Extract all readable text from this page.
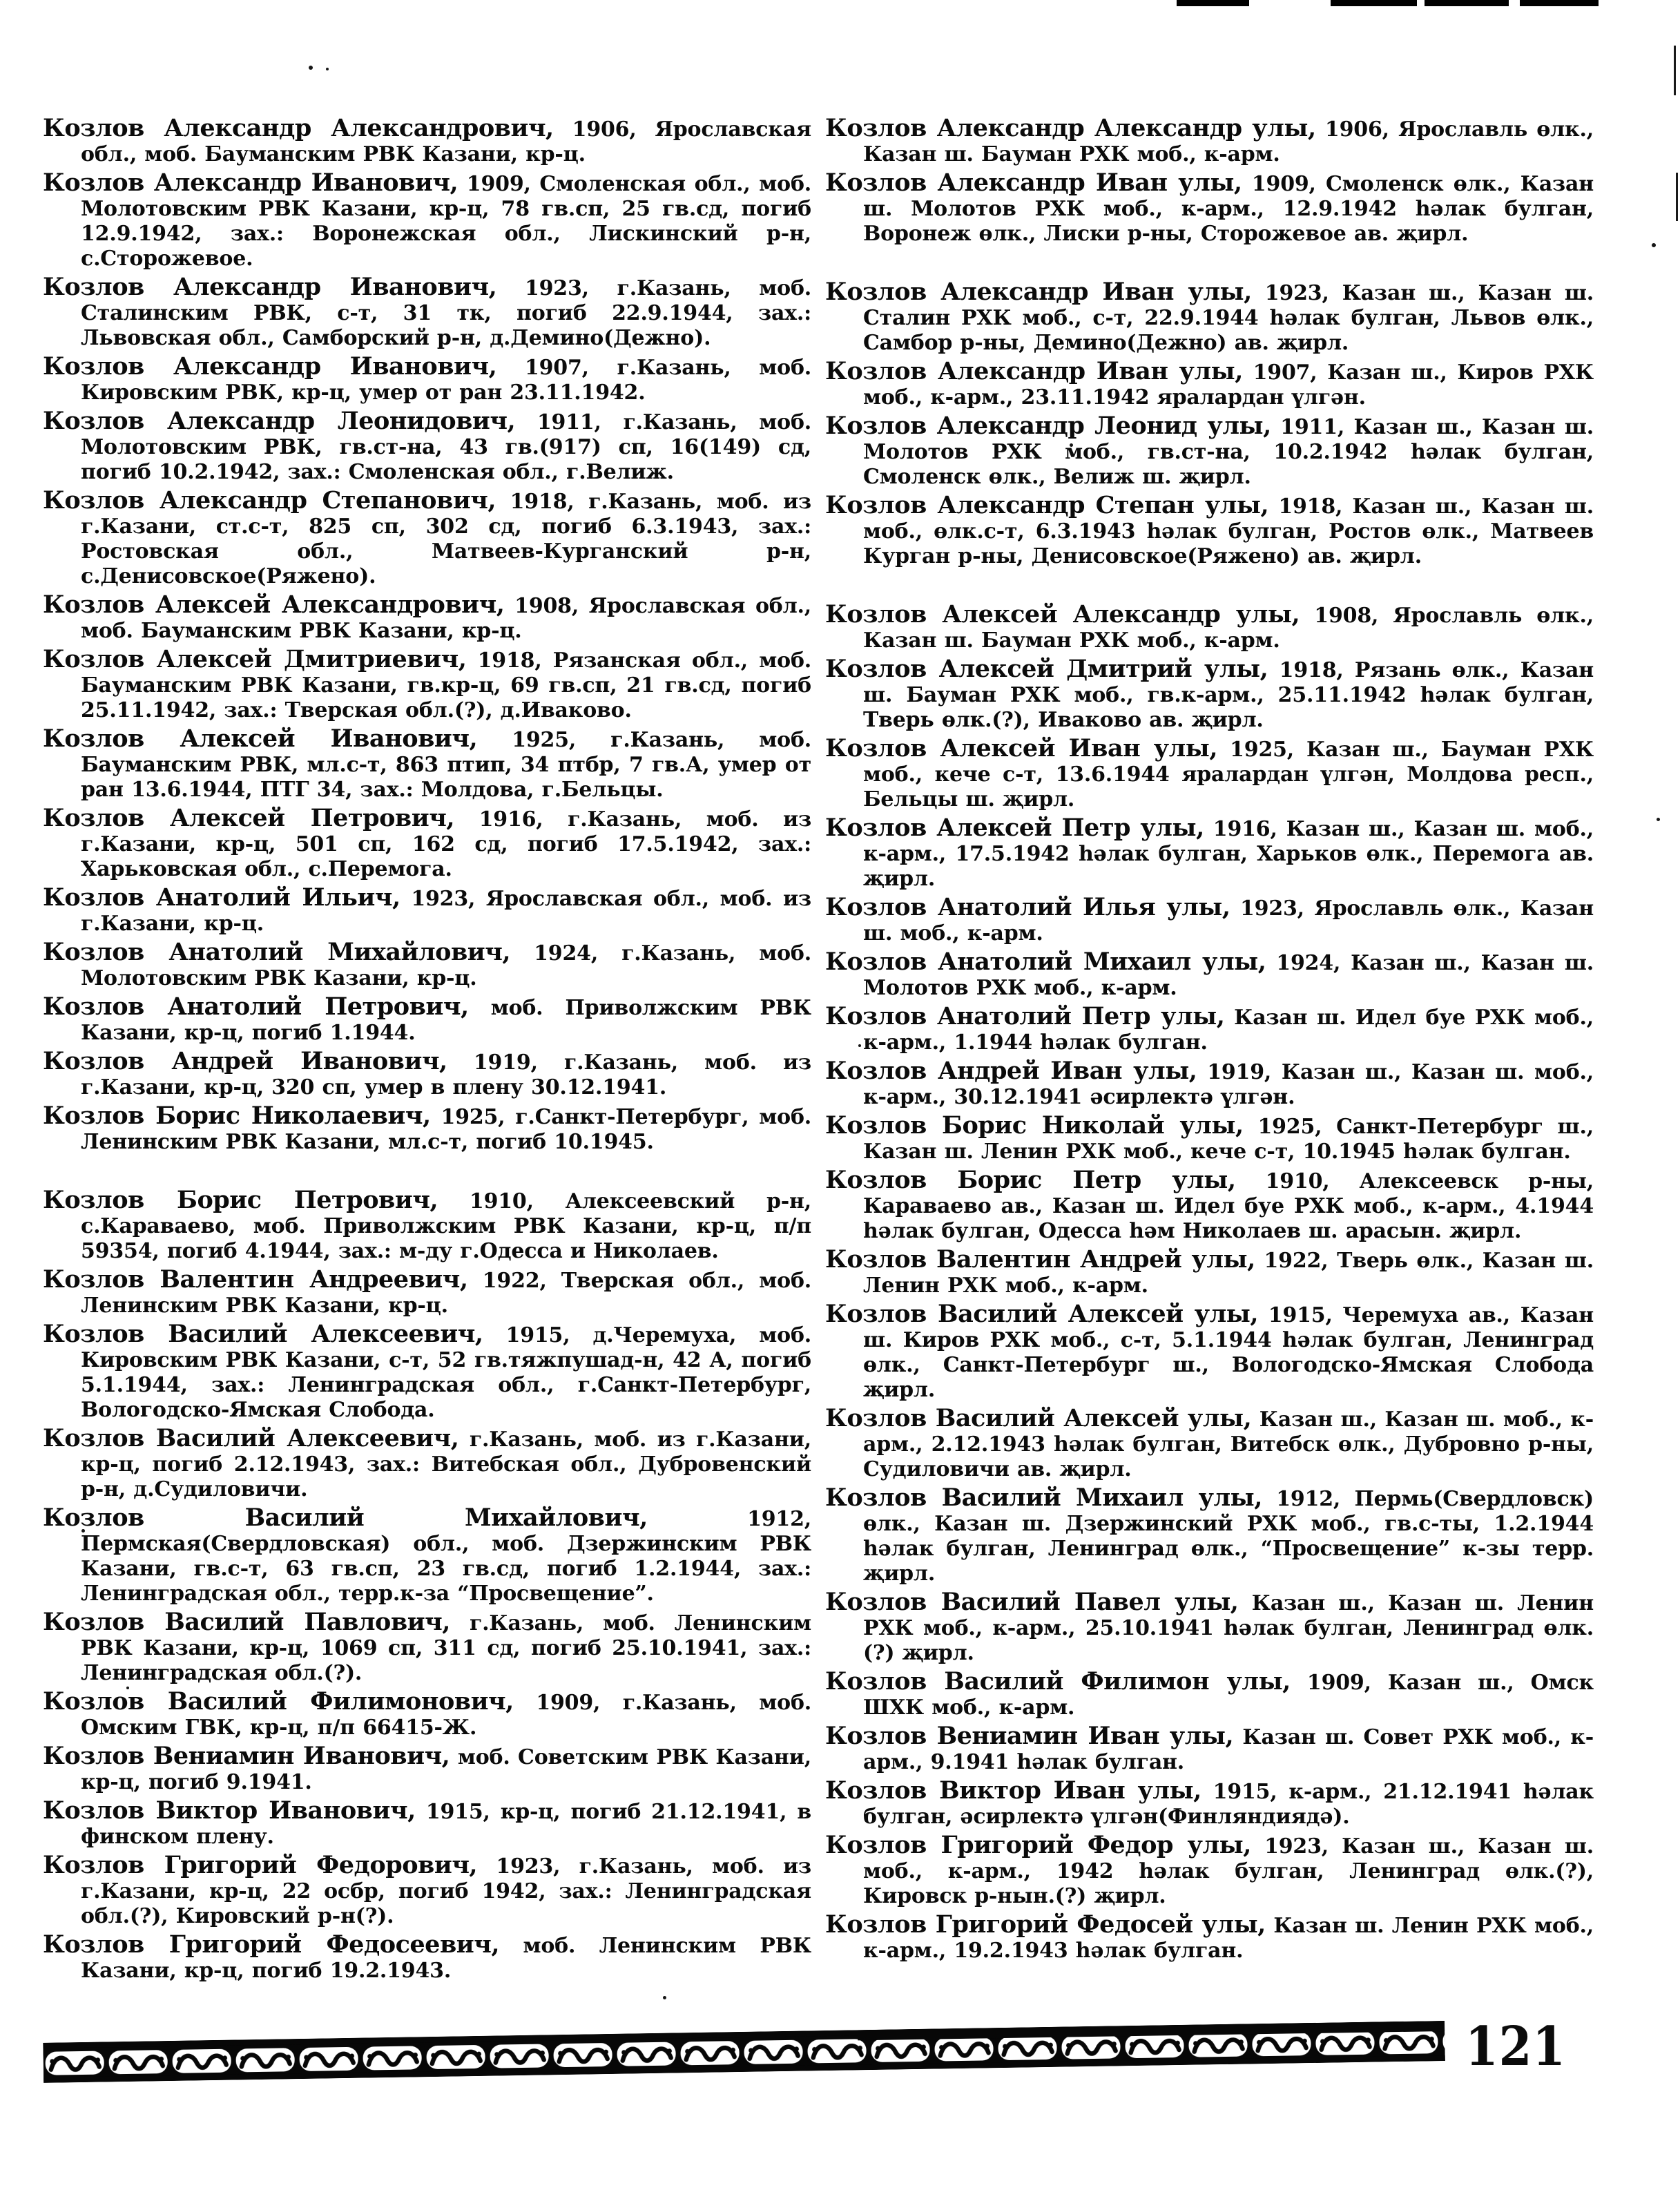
Козлов Александр Александрович, 1906, Ярославская обл., моб. Бауманским РВК Казани, кр-ц.

Козлов Александр Иванович, 1909, Смоленская обл., моб. Молотовским РВК Казани, кр-ц, 78 гв.сп, 25 гв.сд, погиб 12.9.1942, зах.: Воронежская обл., Лискинский р-н, с.Сторожевое.

Козлов Александр Иванович, 1923, г.Казань, моб. Сталинским РВК, с-т, 31 тк, погиб 22.9.1944, зах.: Львовская обл., Самборский р-н, д.Демино(Дежно).

Козлов Александр Иванович, 1907, г.Казань, моб. Кировским РВК, кр-ц, умер от ран 23.11.1942.

Козлов Александр Леонидович, 1911, г.Казань, моб. Молотовским РВК, гв.ст-на, 43 гв.(917) сп, 16(149) сд, погиб 10.2.1942, зах.: Смоленская обл., г.Велиж.

Козлов Александр Степанович, 1918, г.Казань, моб. из г.Казани, ст.с-т, 825 сп, 302 сд, погиб 6.3.1943, зах.: Ростовская обл., Матвеев-Курганский р-н, с.Денисовское(Ряжено).

Козлов Алексей Александрович, 1908, Ярославская обл., моб. Бауманским РВК Казани, кр-ц.

Козлов Алексей Дмитриевич, 1918, Рязанская обл., моб. Бауманским РВК Казани, гв.кр-ц, 69 гв.сп, 21 гв.сд, погиб 25.11.1942, зах.: Тверская обл.(?), д.Иваково.

Козлов Алексей Иванович, 1925, г.Казань, моб. Бауманским РВК, мл.с-т, 863 птип, 34 птбр, 7 гв.А, умер от ран 13.6.1944, ПТГ 34, зах.: Молдова, г.Бельцы.

Козлов Алексей Петрович, 1916, г.Казань, моб. из г.Казани, кр-ц, 501 сп, 162 сд, погиб 17.5.1942, зах.: Харьковская обл., с.Перемога.

Козлов Анатолий Ильич, 1923, Ярославская обл., моб. из г.Казани, кр-ц.

Козлов Анатолий Михайлович, 1924, г.Казань, моб. Молотовским РВК Казани, кр-ц.

Козлов Анатолий Петрович, моб. Приволжским РВК Казани, кр-ц, погиб 1.1944.

Козлов Андрей Иванович, 1919, г.Казань, моб. из г.Казани, кр-ц, 320 сп, умер в плену 30.12.1941.

Козлов Борис Николаевич, 1925, г.Санкт-Петербург, моб. Ленинским РВК Казани, мл.с-т, погиб 10.1945.

Козлов Борис Петрович, 1910, Алексеевский р-н, с.Караваево, моб. Приволжским РВК Казани, кр-ц, п/п 59354, погиб 4.1944, зах.: м-ду г.Одесса и Николаев.

Козлов Валентин Андреевич, 1922, Тверская обл., моб. Ленинским РВК Казани, кр-ц.

Козлов Василий Алексеевич, 1915, д.Черемуха, моб. Кировским РВК Казани, с-т, 52 гв.тяжпушад-н, 42 А, погиб 5.1.1944, зах.: Ленинградская обл., г.Санкт-Петербург, Вологодско-Ямская Слобода.

Козлов Василий Алексеевич, г.Казань, моб. из г.Казани, кр-ц, погиб 2.12.1943, зах.: Витебская обл., Дубровенский р-н, д.Судиловичи.

Козлов Василий Михайлович,	1912, Пермская(Свердловская) обл., моб. Дзержинским РВК Казани, гв.с-т, 63 гв.сп, 23 гв.сд, погиб 1.2.1944, зах.: Ленинградская обл., терр.к-за “Просвещение”.

Козлов Василий Павлович, г.Казань, моб. Ленинским РВК Казани, кр-ц, 1069 сп, 311 сд, погиб 25.10.1941, зах.: Ленинградская обл.(?).

Козлов Василий Филимонович, 1909, г.Казань, моб. Омским ГВК, кр-ц, п/п 66415-Ж.

Козлов Вениамин Иванович, моб. Советским РВК Казани, кр-ц, погиб 9.1941.

Козлов Виктор Иванович, 1915, кр-ц, погиб 21.12.1941, в финском плену.

Козлов Григорий Федорович, 1923, г.Казань, моб. из г.Казани, кр-ц, 22 осбр, погиб 1942, зах.: Ленинградская обл.(?), Кировский р-н(?).

Козлов Григорий Федосеевич, моб. Ленинским РВК Казани, кр-ц, погиб 19.2.1943.

Козлов Александр Александр улы, 1906, Ярославль өлк., Казан ш. Бауман РХК моб., к-арм.

Козлов Александр Иван улы, 1909, Смоленск өлк., Казан ш. Молотов РХК моб., к-арм., 12.9.1942 һәлак булган, Воронеж өлк., Лиски р-ны, Сторожевое ав. җирл.

Козлов Александр Иван улы, 1923, Казан ш., Казан ш. Сталин РХК моб., с-т, 22.9.1944 һәлак булган, Львов өлк., Самбор р-ны, Демино(Дежно) ав. җирл.

Козлов Александр Иван улы, 1907, Казан ш., Киров РХК моб., к-арм., 23.11.1942 яралардан үлгән.

Козлов Александр Леонид улы, 1911, Казан ш., Казан ш. Молотов РХК моб., гв.ст-на, 10.2.1942 һәлак булган, Смоленск өлк., Велиж ш. җирл.

Козлов Александр Степан улы, 1918, Казан ш., Казан ш. моб., өлк.с-т, 6.3.1943 һәлак булган, Ростов өлк., Матвеев Курган р-ны, Денисовское(Ряжено) ав. җирл.

Козлов Алексей Александр улы, 1908, Ярославль өлк., Казан ш. Бауман РХК моб., к-арм.

Козлов Алексей Дмитрий улы, 1918, Рязань өлк., Казан ш. Бауман РХК моб., гв.к-арм., 25.11.1942 һәлак булган, Тверь өлк.(?), Иваково ав. җирл.

Козлов Алексей Иван улы, 1925, Казан ш., Бауман РХК моб., кече с-т, 13.6.1944 яралардан үлгән, Молдова респ., Бельцы ш. җирл.

Козлов Алексей Петр улы, 1916, Казан ш., Казан ш. моб., к-арм., 17.5.1942 һәлак булган, Харьков өлк., Перемога ав. җирл.

Козлов Анатолий Илья улы, 1923, Ярославль өлк., Казан ш. моб., к-арм.

Козлов Анатолий Михаил улы, 1924, Казан ш., Казан ш. Молотов РХК моб., к-арм.

Козлов Анатолий Петр улы, Казан ш. Идел буе РХК моб., к-арм., 1.1944 һәлак булган.

Козлов Андрей Иван улы, 1919, Казан ш., Казан ш. моб., к-арм., 30.12.1941 әсирлектә үлгән.

Козлов Борис Николай улы, 1925, Санкт-Петербург ш., Казан ш. Ленин РХК моб., кече с-т, 10.1945 һәлак булган.

Козлов Борис Петр улы, 1910, Алексеевск р-ны, Караваево ав., Казан ш. Идел буе РХК моб., к-арм., 4.1944 һәлак булган, Одесса һәм Николаев ш. арасын. җирл.

Козлов Валентин Андрей улы, 1922, Тверь өлк., Казан ш. Ленин РХК моб., к-арм.

Козлов Василий Алексей улы, 1915, Черемуха ав., Казан ш. Киров РХК моб., с-т, 5.1.1944 һәлак булган, Ленинград өлк., Санкт-Петербург ш., Вологодско-Ямская Слобода җирл.

Козлов Василий Алексей улы, Казан ш., Казан ш. моб., к-арм., 2.12.1943 һәлак булган, Витебск өлк., Дубровно р-ны, Судиловичи ав. җирл.

Козлов Василий Михаил улы, 1912, Пермь(Свердловск) өлк., Казан ш. Дзержинский РХК моб., гв.с-ты, 1.2.1944 һәлак булган, Ленинград өлк., “Просвещение” к-зы терр. җирл.

Козлов Василий Павел улы, Казан ш., Казан ш. Ленин РХК моб., к-арм., 25.10.1941 һәлак булган, Ленинград өлк.(?) җирл.

Козлов Василий Филимон улы, 1909, Казан ш., Омск ШХК моб., к-арм.

Козлов Вениамин Иван улы, Казан ш. Совет РХК моб., к-арм., 9.1941 һәлак булган.

Козлов Виктор Иван улы, 1915, к-арм., 21.12.1941 һәлак булган, әсирлектә үлгән(Финляндиядә).

Козлов Григорий Федор улы, 1923, Казан ш., Казан ш. моб., к-арм., 1942 һәлак булган, Ленинград өлк.(?), Кировск р-нын.(?) җирл.

Козлов Григорий Федосей улы, Казан ш. Ленин РХК моб., к-арм., 19.2.1943 һәлак булган.

121
